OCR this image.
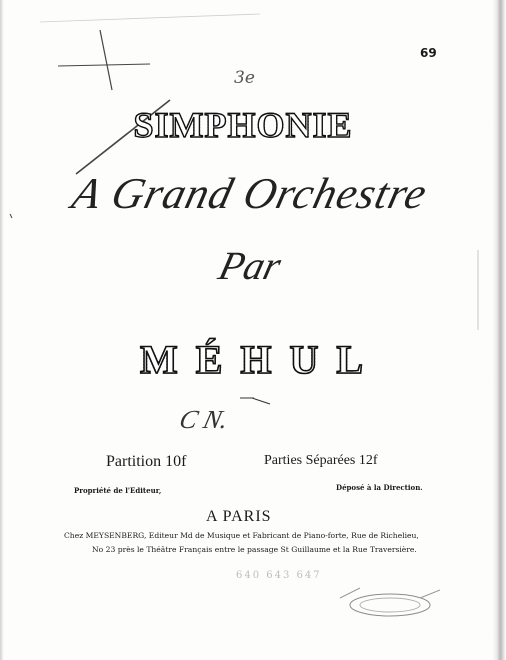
69
3e
SIMPHONIE
A Grand Orchestre
Par
MÉHUL
C N.
Partition 10f	Parties Séparées 12f
Propriété de l'Editeur,	Déposé à la Direction.
A PARIS
Chez MEYSENBERG, Editeur Md de Musique et Fabricant de Piano-forte, Rue de Richelieu,
No 23 près le Théâtre Français entre le passage St Guillaume et la Rue Traversière.
640 643 647
